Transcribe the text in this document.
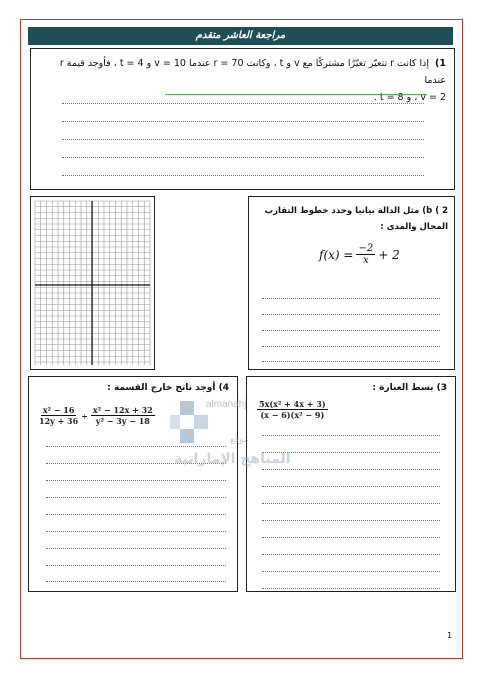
مراجعة العاشر متقدم
1)  إذا كانت r تتغيّر تغيّرًا مشتركًا مع v و t ، وكانت r = 70 عندما v = 10 و t = 4 ، فأوجد قيمة r عندما
v = 2 ، و t = 8 .
2 ) b) مثل الدالة بيانيا وحدد خطوط التقارب المجال والمدى :
$f(x) = \frac{-2}{x} + 2$
4) أوجد ناتج خارج القسمة :
$\frac{\text{x² − 16}}{12y + 36} \div \frac{\text{x² − 12x + 32}}{\text{y² − 3y − 18}}$
3) بسط العبارة :
$\frac{\text{5x(x² + 4x + 3)}}{\text{(x − 6)(x² − 9)}}$
almanahj
موقع
المناهج الإماراتية
1
